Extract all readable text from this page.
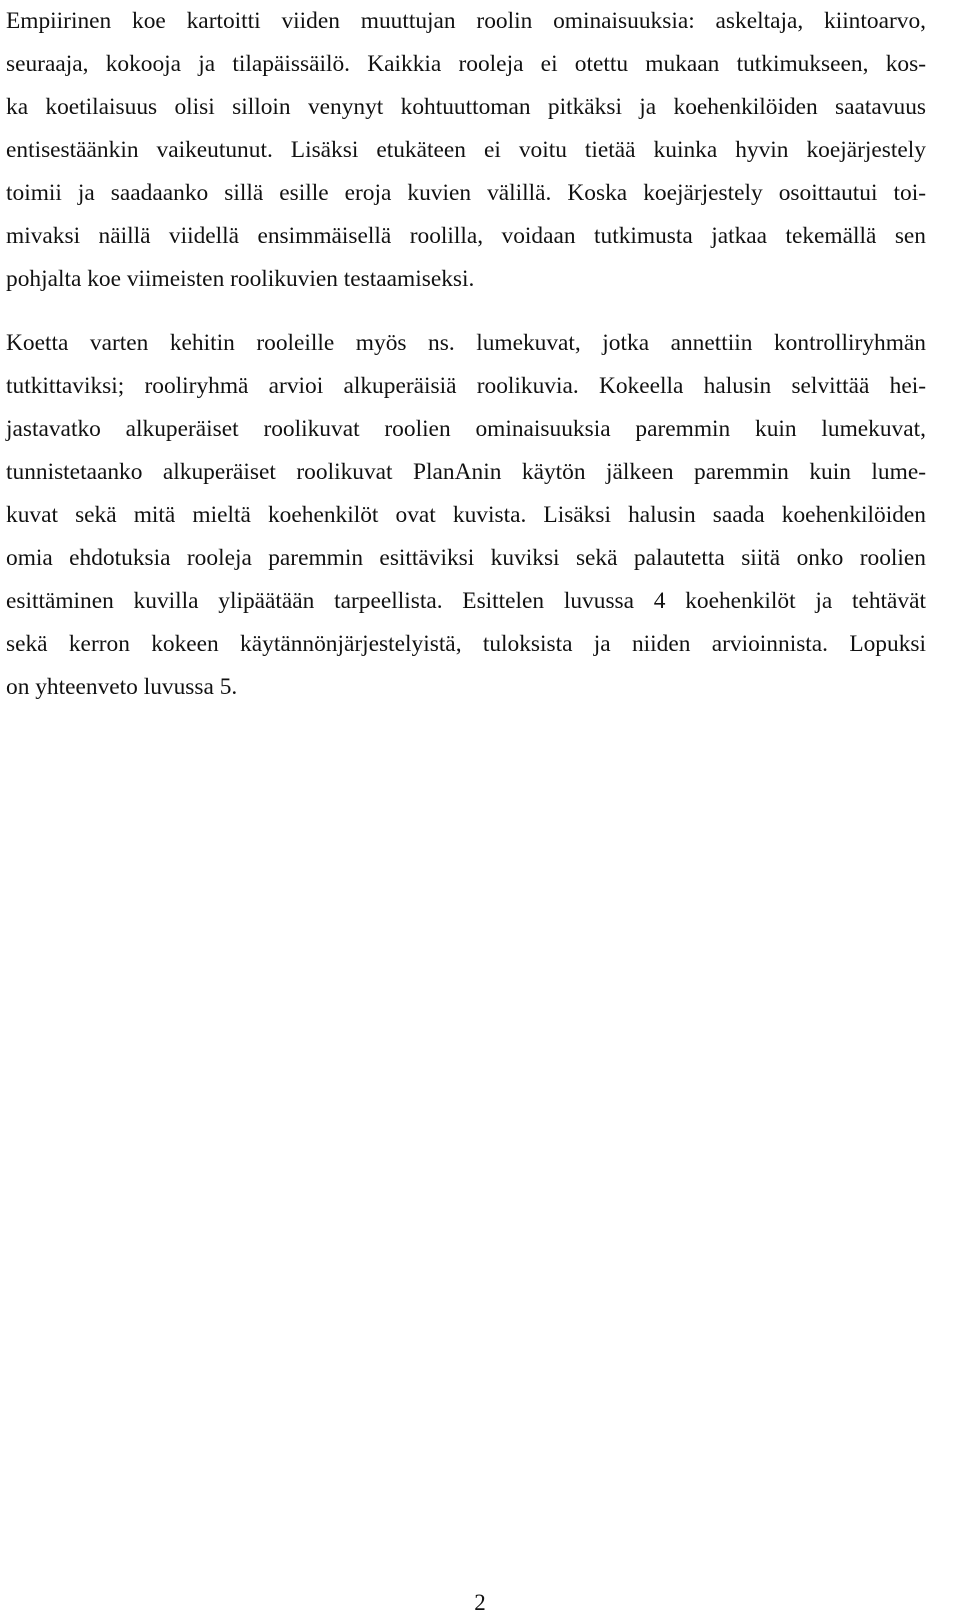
Empiirinen koe kartoitti viiden muuttujan roolin ominaisuuksia: askeltaja, kiintoarvo,
seuraaja, kokooja ja tilapäissäilö. Kaikkia rooleja ei otettu mukaan tutkimukseen, kos-
ka koetilaisuus olisi silloin venynyt kohtuuttoman pitkäksi ja koehenkilöiden saatavuus
entisestäänkin vaikeutunut. Lisäksi etukäteen ei voitu tietää kuinka hyvin koejärjestely
toimii ja saadaanko sillä esille eroja kuvien välillä. Koska koejärjestely osoittautui toi-
mivaksi näillä viidellä ensimmäisellä roolilla, voidaan tutkimusta jatkaa tekemällä sen
pohjalta koe viimeisten roolikuvien testaamiseksi.
Koetta varten kehitin rooleille myös ns. lumekuvat, jotka annettiin kontrolliryhmän
tutkittaviksi; rooliryhmä arvioi alkuperäisiä roolikuvia. Kokeella halusin selvittää hei-
jastavatko alkuperäiset roolikuvat roolien ominaisuuksia paremmin kuin lumekuvat,
tunnistetaanko alkuperäiset roolikuvat PlanAnin käytön jälkeen paremmin kuin lume-
kuvat sekä mitä mieltä koehenkilöt ovat kuvista. Lisäksi halusin saada koehenkilöiden
omia ehdotuksia rooleja paremmin esittäviksi kuviksi sekä palautetta siitä onko roolien
esittäminen kuvilla ylipäätään tarpeellista. Esittelen luvussa 4 koehenkilöt ja tehtävät
sekä kerron kokeen käytännönjärjestelyistä, tuloksista ja niiden arvioinnista. Lopuksi
on yhteenveto luvussa 5.
2
